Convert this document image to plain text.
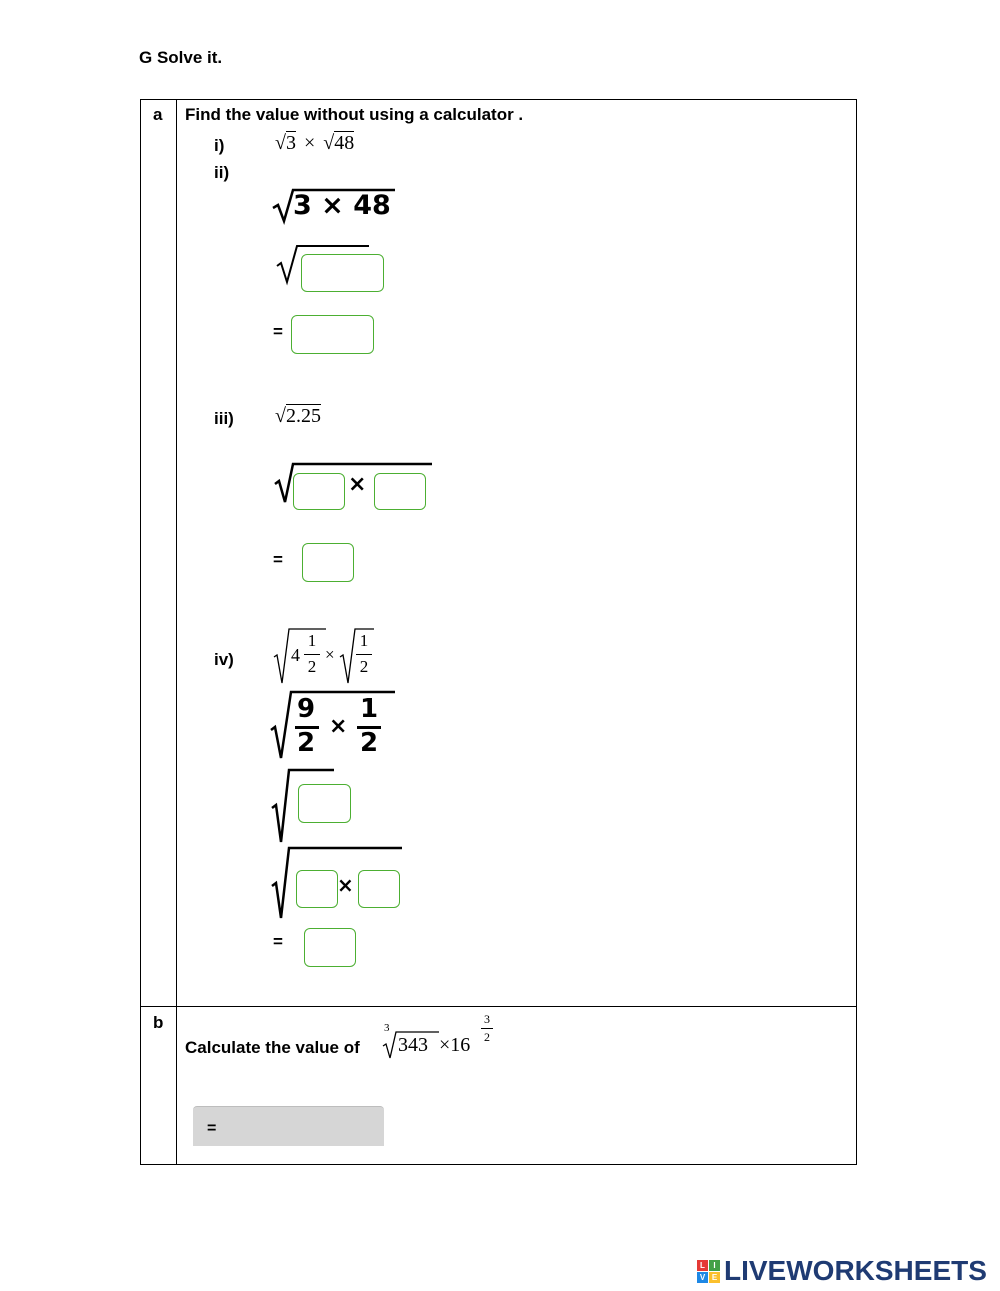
G Solve it.
a Find the value without using a calculator .
i)	√3 × √48
ii)
3 × 48
=
iii) √2.25
×
=
iv)	4
1
2
×
1
2
9
2
×
1
2
×
=
b
Calculate the value of
3
343 ×16
3
2
=
L	I
V E LIVEWORKSHEETS
